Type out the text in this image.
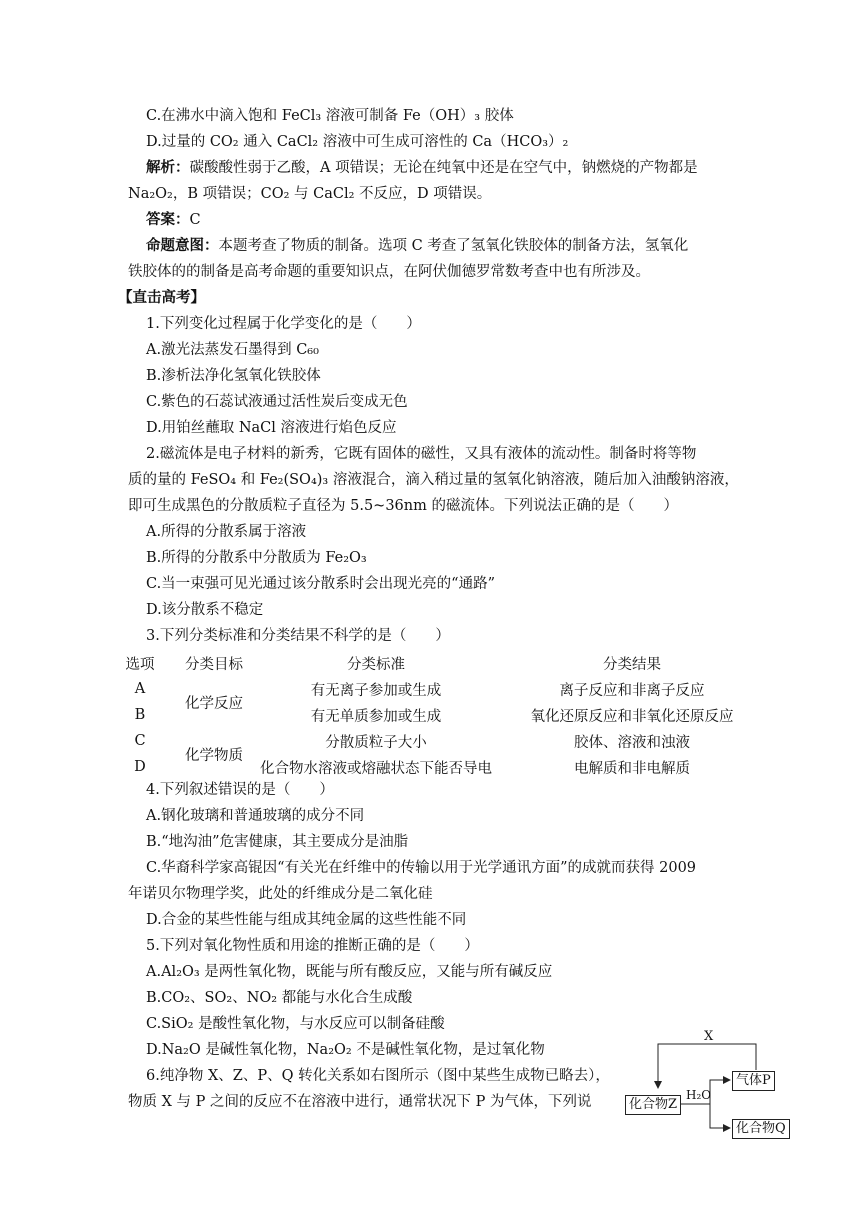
C.在沸水中滴入饱和 FeCl₃ 溶液可制备 Fe（OH）₃ 胶体
D.过量的 CO₂ 通入 CaCl₂ 溶液中可生成可溶性的 Ca（HCO₃）₂
解析：碳酸酸性弱于乙酸，A 项错误；无论在纯氧中还是在空气中，钠燃烧的产物都是
Na₂O₂，B 项错误；CO₂ 与 CaCl₂ 不反应，D 项错误。
答案：C
命题意图：本题考查了物质的制备。选项 C 考查了氢氧化铁胶体的制备方法，氢氧化
铁胶体的的制备是高考命题的重要知识点，在阿伏伽德罗常数考查中也有所涉及。
【直击高考】
1.下列变化过程属于化学变化的是（　　）
A.激光法蒸发石墨得到 C₆₀
B.渗析法净化氢氧化铁胶体
C.紫色的石蕊试液通过活性炭后变成无色
D.用铂丝蘸取 NaCl 溶液进行焰色反应
2.磁流体是电子材料的新秀，它既有固体的磁性，又具有液体的流动性。制备时将等物
质的量的 FeSO₄ 和 Fe₂(SO₄)₃ 溶液混合，滴入稍过量的氢氧化钠溶液，随后加入油酸钠溶液，
即可生成黑色的分散质粒子直径为 5.5~36nm 的磁流体。下列说法正确的是（　　）
A.所得的分散系属于溶液
B.所得的分散系中分散质为 Fe₂O₃
C.当一束强可见光通过该分散系时会出现光亮的“通路”
D.该分散系不稳定
3.下列分类标准和分类结果不科学的是（　　）
选项	分类目标	分类标准	分类结果
A	化学反应	有无离子参加或生成	离子反应和非离子反应
B		有无单质参加或生成	氧化还原反应和非氧化还原反应
C	化学物质	分散质粒子大小	胶体、溶液和浊液
D		化合物水溶液或熔融状态下能否导电	电解质和非电解质
4.下列叙述错误的是（　　）
A.钢化玻璃和普通玻璃的成分不同
B.“地沟油”危害健康，其主要成分是油脂
C.华裔科学家高锟因“有关光在纤维中的传输以用于光学通讯方面”的成就而获得 2009
年诺贝尔物理学奖，此处的纤维成分是二氧化硅
D.合金的某些性能与组成其纯金属的这些性能不同
5.下列对氧化物性质和用途的推断正确的是（　　）
A.Al₂O₃ 是两性氧化物，既能与所有酸反应，又能与所有碱反应
B.CO₂、SO₂、NO₂ 都能与水化合生成酸
C.SiO₂ 是酸性氧化物，与水反应可以制备硅酸
D.Na₂O 是碱性氧化物，Na₂O₂ 不是碱性氧化物，是过氧化物
6.纯净物 X、Z、P、Q 转化关系如右图所示（图中某些生成物已略去），
物质 X 与 P 之间的反应不在溶液中进行，通常状况下 P 为气体，下列说
X
H₂O
化合物Z
气体P
化合物Q
